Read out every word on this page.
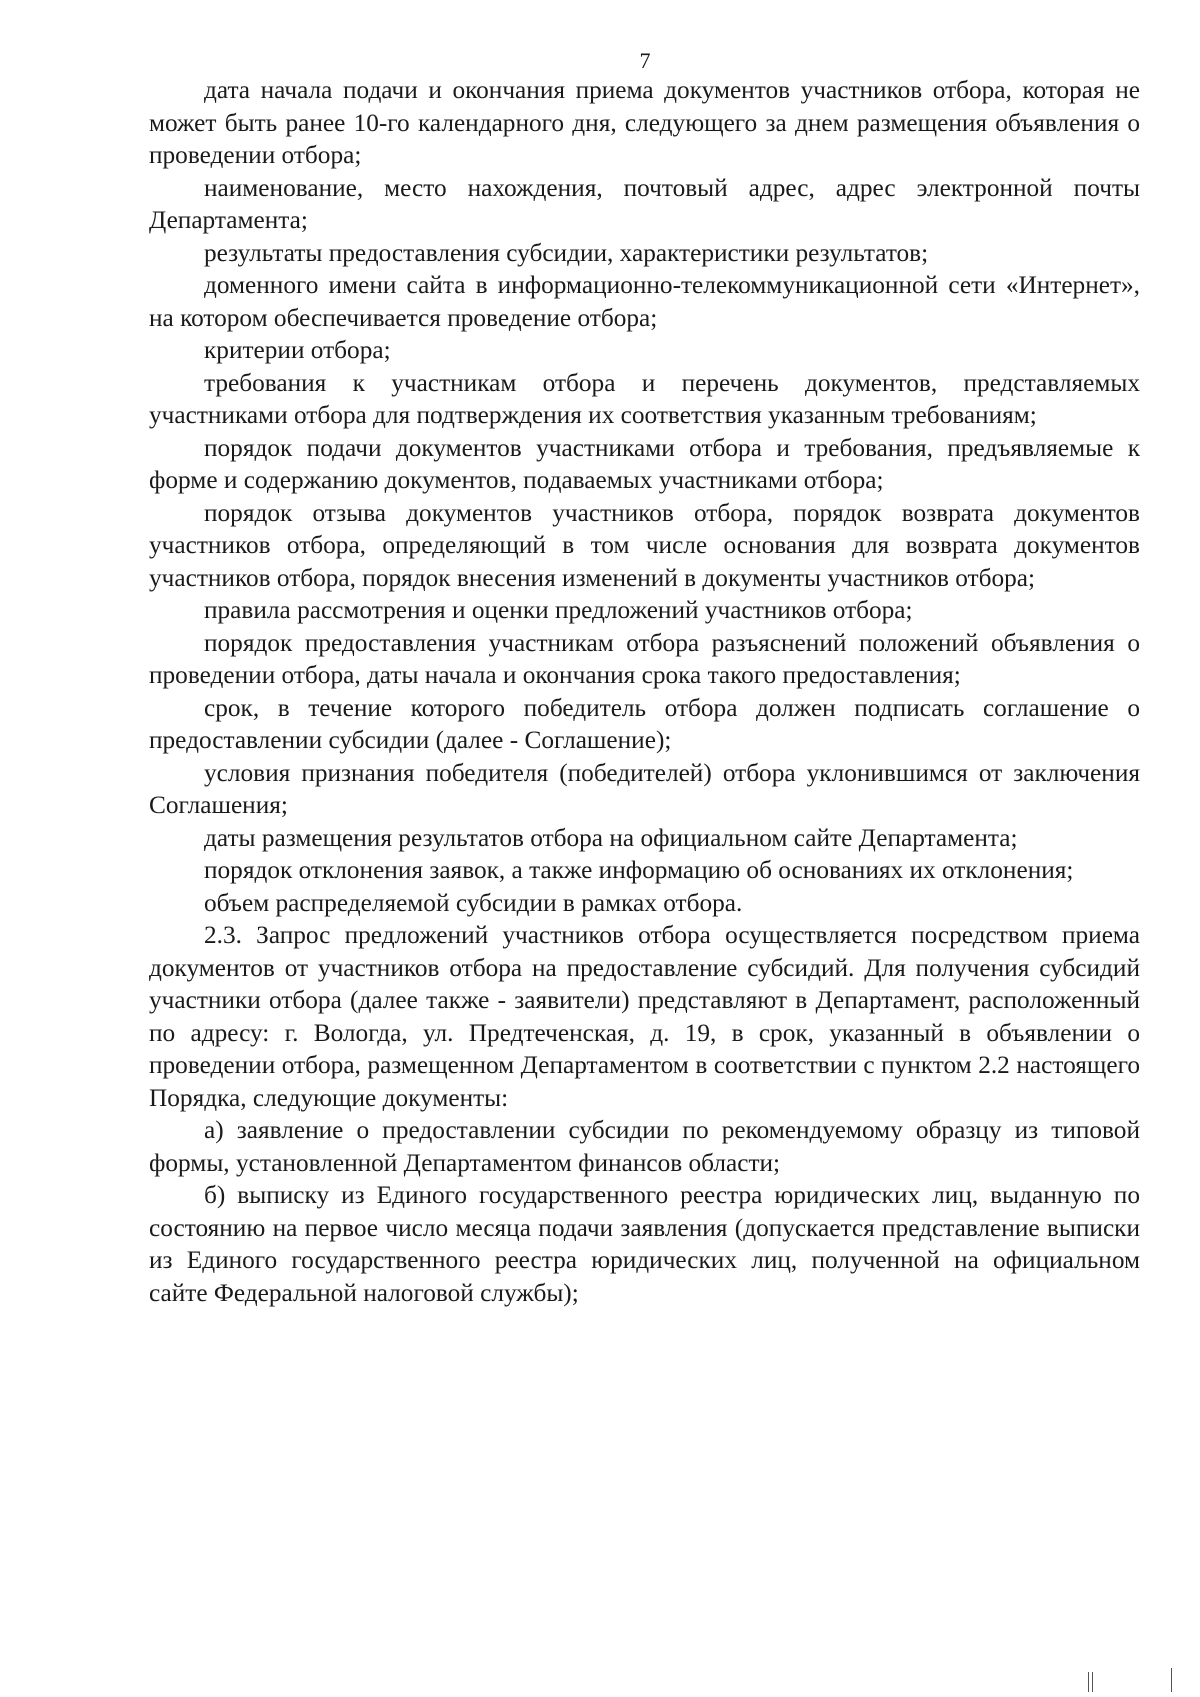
7

дата начала подачи и окончания приема документов участников отбора, которая не может быть ранее 10-го календарного дня, следующего за днем размещения объявления о проведении отбора;

наименование, место нахождения, почтовый адрес, адрес электронной почты Департамента;

результаты предоставления субсидии, характеристики результатов;

доменного имени сайта в информационно-телекоммуникационной сети «Интернет», на котором обеспечивается проведение отбора;

критерии отбора;

требования к участникам отбора и перечень документов, представляемых участниками отбора для подтверждения их соответствия указанным требованиям;

порядок подачи документов участниками отбора и требования, предъявляемые к форме и содержанию документов, подаваемых участниками отбора;

порядок отзыва документов участников отбора, порядок возврата документов участников отбора, определяющий в том числе основания для возврата документов участников отбора, порядок внесения изменений в документы участников отбора;

правила рассмотрения и оценки предложений участников отбора;

порядок предоставления участникам отбора разъяснений положений объявления о проведении отбора, даты начала и окончания срока такого предоставления;

срок, в течение которого победитель отбора должен подписать соглашение о предоставлении субсидии (далее - Соглашение);

условия признания победителя (победителей) отбора уклонившимся от заключения Соглашения;

даты размещения результатов отбора на официальном сайте Департамента;

порядок отклонения заявок, а также информацию об основаниях их отклонения;

объем распределяемой субсидии в рамках отбора.

2.3. Запрос предложений участников отбора осуществляется посредством приема документов от участников отбора на предоставление субсидий. Для получения субсидий участники отбора (далее также - заявители) представляют в Департамент, расположенный по адресу: г. Вологда, ул. Предтеченская, д. 19, в срок, указанный в объявлении о проведении отбора, размещенном Департаментом в соответствии с пунктом 2.2 настоящего Порядка, следующие документы:

а) заявление о предоставлении субсидии по рекомендуемому образцу из типовой формы, установленной Департаментом финансов области;

б) выписку из Единого государственного реестра юридических лиц, выданную по состоянию на первое число месяца подачи заявления (допускается представление выписки из Единого государственного реестра юридических лиц, полученной на официальном сайте Федеральной налоговой службы);
